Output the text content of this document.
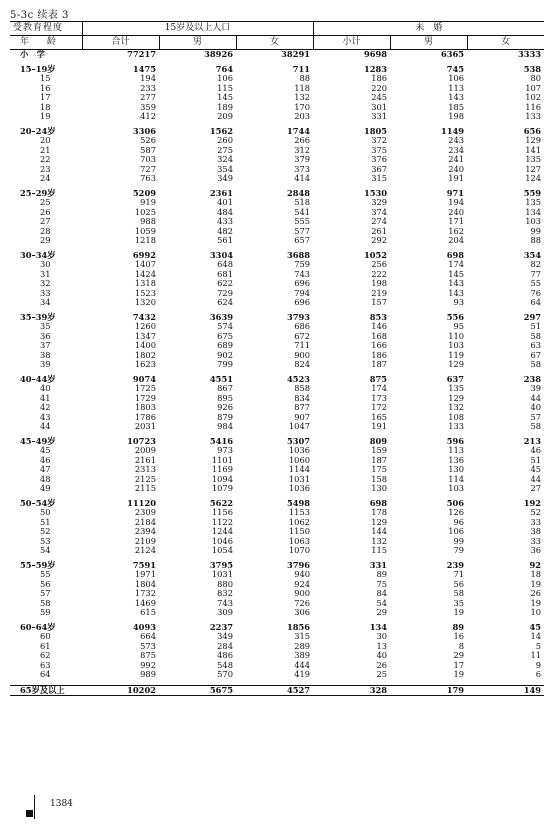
5-3c 续表 3
受教育程度	15岁及以上人口			未　婚		
年　　龄	合计	男	女	小计	男	女
小　学	77217	38926	38291	9698	6365	3333

15–19岁	1475	764	711	1283	745	538
15	194	106	88	186	106	80
16	233	115	118	220	113	107
17	277	145	132	245	143	102
18	359	189	170	301	185	116
19	412	209	203	331	198	133

20–24岁	3306	1562	1744	1805	1149	656
20	526	260	266	372	243	129
21	587	275	312	375	234	141
22	703	324	379	376	241	135
23	727	354	373	367	240	127
24	763	349	414	315	191	124

25–29岁	5209	2361	2848	1530	971	559
25	919	401	518	329	194	135
26	1025	484	541	374	240	134
27	988	433	555	274	171	103
28	1059	482	577	261	162	99
29	1218	561	657	292	204	88

30–34岁	6992	3304	3688	1052	698	354
30	1407	648	759	256	174	82
31	1424	681	743	222	145	77
32	1318	622	696	198	143	55
33	1523	729	794	219	143	76
34	1320	624	696	157	93	64

35–39岁	7432	3639	3793	853	556	297
35	1260	574	686	146	95	51
36	1347	675	672	168	110	58
37	1400	689	711	166	103	63
38	1802	902	900	186	119	67
39	1623	799	824	187	129	58

40–44岁	9074	4551	4523	875	637	238
40	1725	867	858	174	135	39
41	1729	895	834	173	129	44
42	1803	926	877	172	132	40
43	1786	879	907	165	108	57
44	2031	984	1047	191	133	58

45–49岁	10723	5416	5307	809	596	213
45	2009	973	1036	159	113	46
46	2161	1101	1060	187	136	51
47	2313	1169	1144	175	130	45
48	2125	1094	1031	158	114	44
49	2115	1079	1036	130	103	27

50–54岁	11120	5622	5498	698	506	192
50	2309	1156	1153	178	126	52
51	2184	1122	1062	129	96	33
52	2394	1244	1150	144	106	38
53	2109	1046	1063	132	99	33
54	2124	1054	1070	115	79	36

55–59岁	7591	3795	3796	331	239	92
55	1971	1031	940	89	71	18
56	1804	880	924	75	56	19
57	1732	832	900	84	58	26
58	1469	743	726	54	35	19
59	615	309	306	29	19	10

60–64岁	4093	2237	1856	134	89	45
60	664	349	315	30	16	14
61	573	284	289	13	8	5
62	875	486	389	40	29	11
63	992	548	444	26	17	9
64	989	570	419	25	19	6

65岁及以上	10202	5675	4527	328	179	149
1384
